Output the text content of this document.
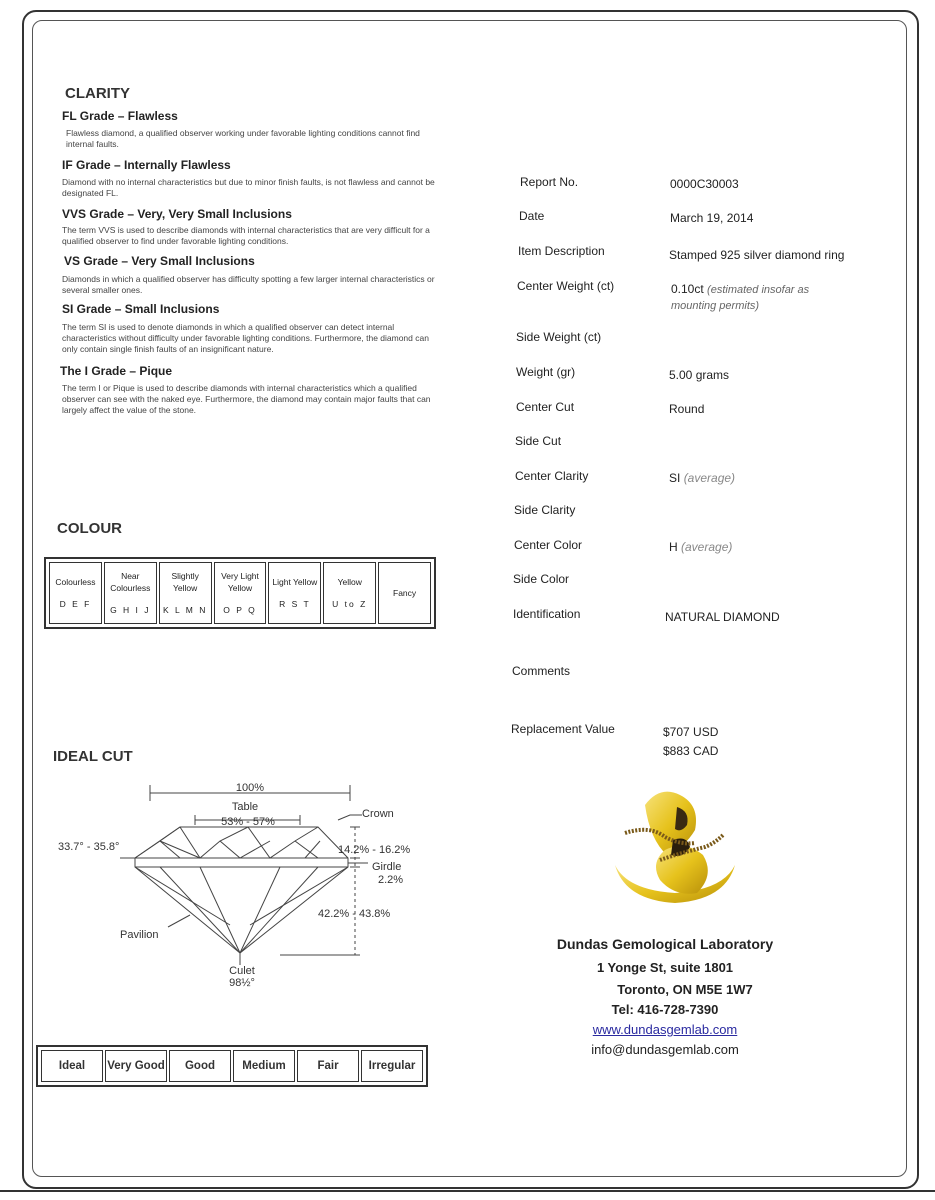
CLARITY
FL Grade – Flawless
Flawless diamond, a qualified observer working under favorable lighting conditions cannot find internal faults.
IF Grade – Internally Flawless
Diamond with no internal characteristics but due to minor finish faults, is not flawless and cannot be designated FL.
VVS Grade – Very, Very Small Inclusions
The term VVS is used to describe diamonds with internal characteristics that are very difficult for a qualified observer to find under favorable lighting conditions.
VS Grade – Very Small Inclusions
Diamonds in which a qualified observer has difficulty spotting a few larger internal characteristics or several smaller ones.
SI Grade – Small Inclusions
The term SI is used to denote diamonds in which a qualified observer can detect internal characteristics without difficulty under favorable lighting conditions. Furthermore, the diamond can only contain single finish faults of an insignificant nature.
The I Grade – Pique
The term I or Pique is used to describe diamonds with internal characteristics which a qualified observer can see with the naked eye. Furthermore, the diamond may contain major faults that can largely affect the value of the stone.
COLOUR
Colourless
D E F
Near Colourless
G H I J
Slightly Yellow
K L M N
Very Light Yellow
O P Q
Light Yellow
R S T
Yellow
U to Z
Fancy
IDEAL CUT
100%
Table
53% - 57%
Crown
33.7° - 35.8°	14.2% - 16.2%
Girdle
2.2%
42.2% - 43.8%
Pavilion
Culet
98½°
Ideal	Very Good	Good	Medium	Fair	Irregular
Report No.	0000C30003
Date	March 19, 2014
Item Description	Stamped 925 silver diamond ring
Center Weight (ct)	0.10ct (estimated insofar as mounting permits)
Side Weight (ct)
Weight (gr)	5.00 grams
Center Cut	Round
Side Cut
Center Clarity	SI (average)
Side Clarity
Center Color	H (average)
Side Color
Identification	NATURAL DIAMOND
Comments
Replacement Value	$707 USD
$883 CAD
Dundas Gemological Laboratory
1 Yonge St, suite 1801
Toronto, ON M5E 1W7
Tel: 416-728-7390
www.dundasgemlab.com
info@dundasgemlab.com
